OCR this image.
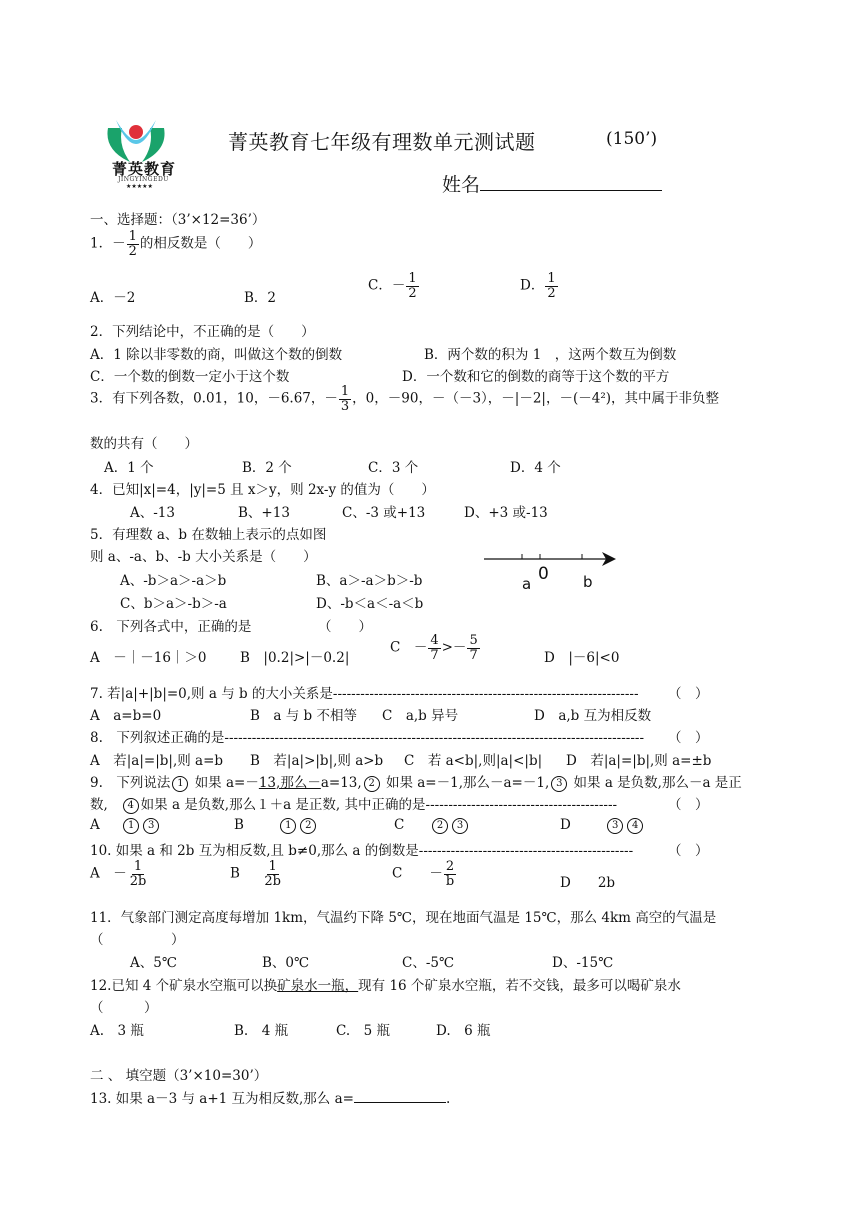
菁英教育
JINGYINGEDU
★★★★★
菁英教育七年级有理数单元测试题	(150’)
姓名
一、选择题：（3’×12=36’）
1．－ $\frac{1}{2}$ 的相反数是（　　）
A．－2	B．2
C．－ $\frac{1}{2}$	D． $\frac{1}{2}$
2．下列结论中，不正确的是（　　）
A．1 除以非零数的商，叫做这个数的倒数	B．两个数的积为 1　，这两个数互为倒数
C．一个数的倒数一定小于这个数	D．一个数和它的倒数的商等于这个数的平方
3．有下列各数，0.01，10，－6.67，－ $\frac{1}{3}$ ，0，－90，－（－3），－|－2|，－(－4²)，其中属于非负整
数的共有（　　）
A．1 个	B．2 个	C．3 个	D．4 个
4．已知|x|=4，|y|=5 且 x＞y，则 2x-y 的值为（　　）
A、-13	B、+13	C、-3 或+13	D、+3 或-13
5．有理数 a、b 在数轴上表示的点如图
则 a、-a、b、-b 大小关系是（　　）
A、-b＞a＞-a＞b	B、a＞-a＞b＞-b
C、b＞a＞-b＞-a	D、-b＜a＜-a＜b
a 0 b
6.　下列各式中，正确的是	（　　）
A　－｜－16｜＞0 B　|0.2|>|－0.2|
C　－ $\frac{4}{7} >- \frac{5}{7}$	D　|－6|<0
7. 若|a|+|b|=0,则 a 与 b 的大小关系是-------------------------------------------------------------------	（　）
A　a=b=0	B　a 与 b 不相等 C　a,b 异号	D　a,b 互为相反数
8.　下列叙述正确的是--------------------------------------------------------------------------------------------	（　）
A　若|a|=|b|,则 a=b B　若|a|>|b|,则 a>b C　若 a<b|,则|a|<|b| D　若|a|=|b|,则 a=±b
9.　下列说法 1 如果 a=－13,那么－a=13, 2 如果 a=－1,那么－a=－1, 3 如果 a 是负数,那么－a 是正
数, 4 如果 a 是负数,那么１＋a 是正数, 其中正确的是------------------------------------------	（　）
A	1 3	B	1 2	C	2 3	D	3 4
10. 如果 a 和 2b 互为相反数,且 b≠0,那么 a 的倒数是-----------------------------------------------	（　）
A　－ $\frac{1}{2b}$	B $\frac{1}{2b}$	C　　－ $\frac{2}{b}$	D　　2b
11．气象部门测定高度每增加 1km，气温约下降 5℃，现在地面气温是 15℃，那么 4km 高空的气温是
（　　　　　）
A、5℃	B、0℃	C、-5℃	D、-15℃
12.已知 4 个矿泉水空瓶可以换矿泉水一瓶，现有 16 个矿泉水空瓶，若不交钱，最多可以喝矿泉水
（　　　）
A.　3 瓶	B.　4 瓶	C.　5 瓶	D.　6 瓶
二 、 填空题（3’×10=30’）
13. 如果 a－3 与 a+1 互为相反数,那么 a=	.
